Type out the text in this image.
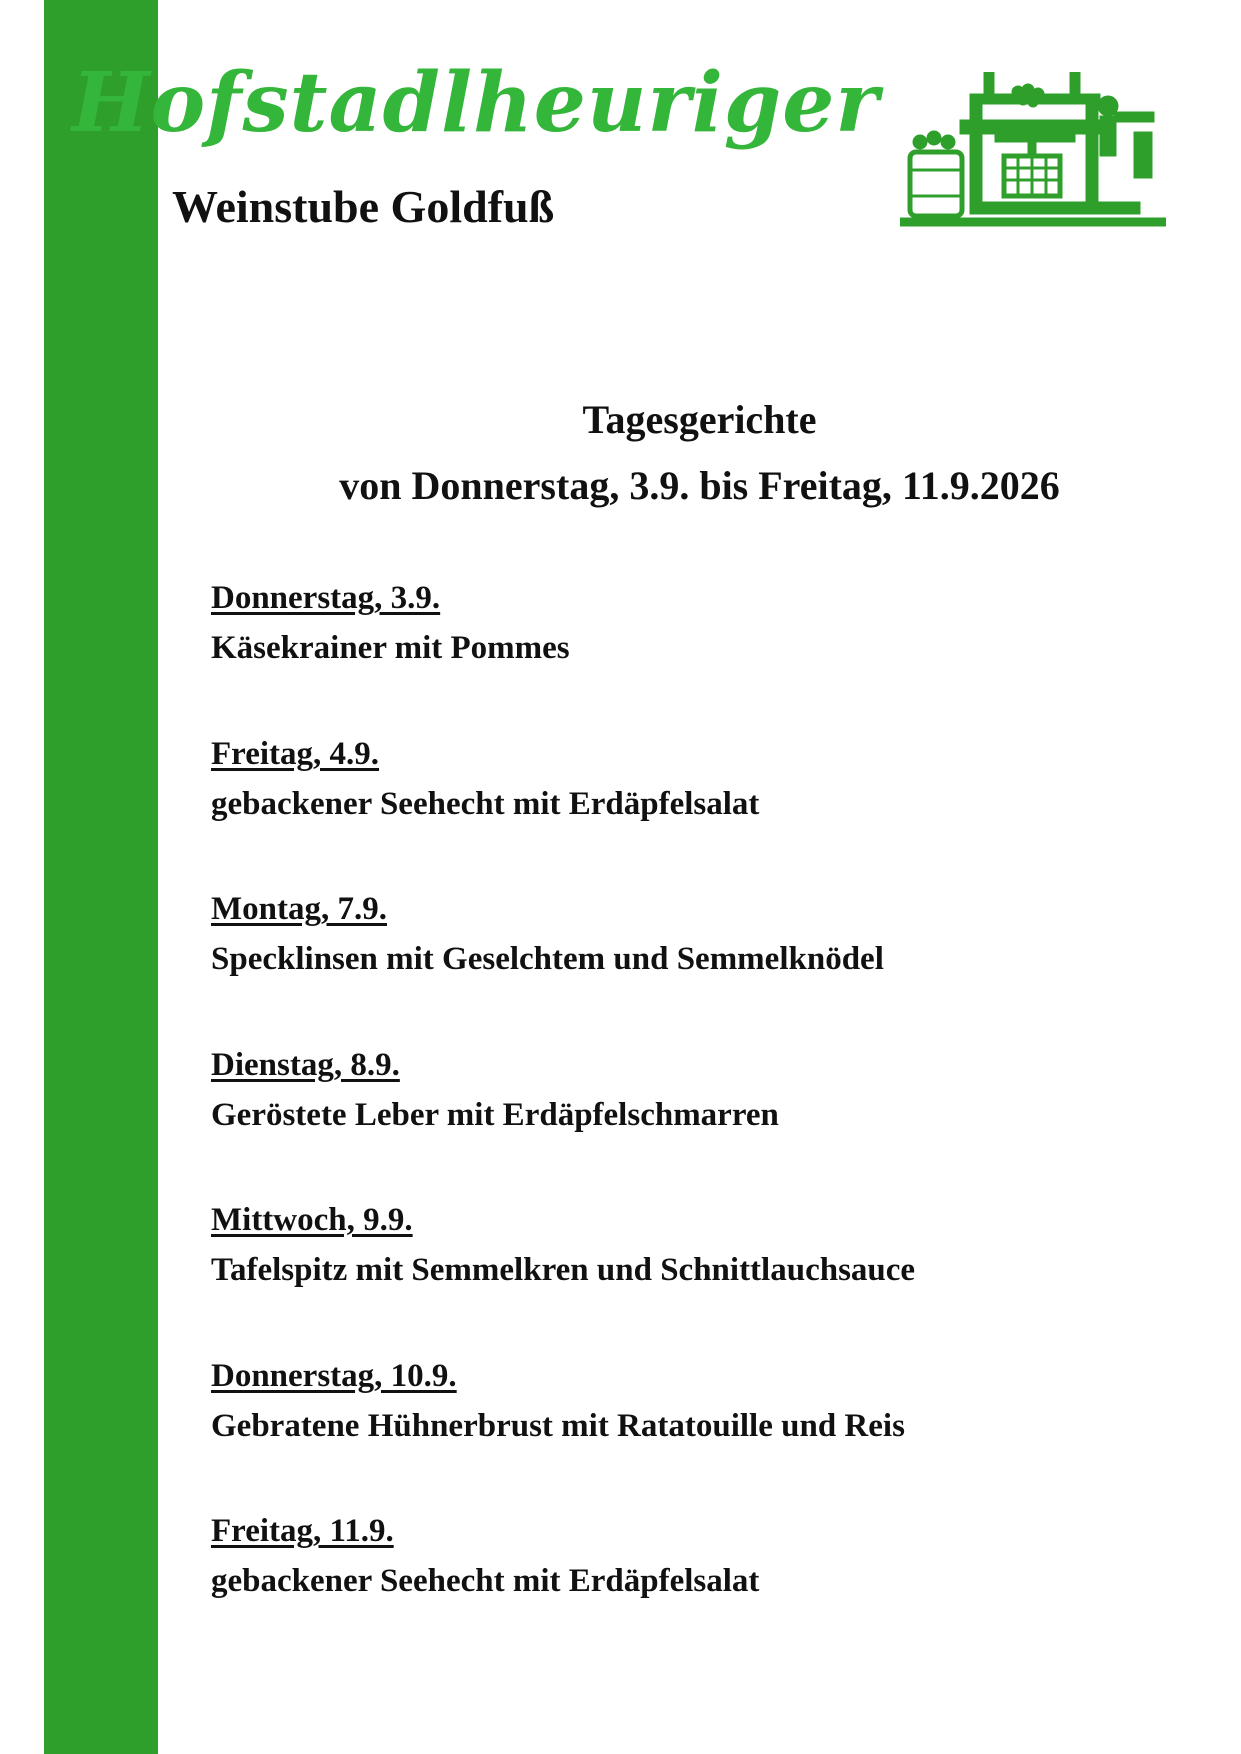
Hofstadlheuriger
Weinstube Goldfuß
Tagesgerichte
von Donnerstag, 3.9. bis Freitag, 11.9.2026
Donnerstag, 3.9.
Käsekrainer mit Pommes
Freitag, 4.9.
gebackener Seehecht mit Erdäpfelsalat
Montag, 7.9.
Specklinsen mit Geselchtem und Semmelknödel
Dienstag, 8.9.
Geröstete Leber mit Erdäpfelschmarren
Mittwoch, 9.9.
Tafelspitz mit Semmelkren und Schnittlauchsauce
Donnerstag, 10.9.
Gebratene Hühnerbrust mit Ratatouille und Reis
Freitag, 11.9.
gebackener Seehecht mit Erdäpfelsalat
